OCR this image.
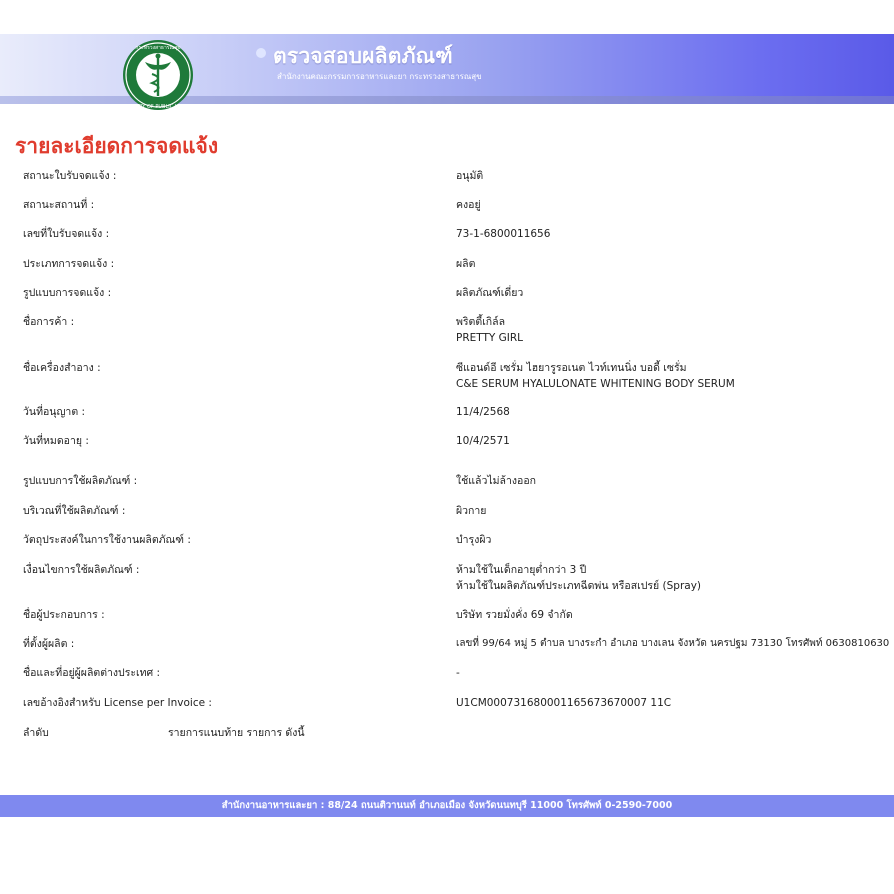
MINISTRY OF PUBLIC HEALTH
กระทรวงสาธารณสุข	ตรวจสอบผลิตภัณฑ์
สำนักงานคณะกรรมการอาหารและยา กระทรวงสาธารณสุข
รายละเอียดการจดแจ้ง
สถานะใบรับจดแจ้ง :	อนุมัติ
สถานะสถานที่ :	คงอยู่
เลขที่ใบรับจดแจ้ง :	73-1-6800011656
ประเภทการจดแจ้ง :	ผลิต
รูปแบบการจดแจ้ง :	ผลิตภัณฑ์เดี่ยว
ชื่อการค้า :	พริตตี้เกิล์ล
PRETTY GIRL
ชื่อเครื่องสำอาง :	ซีแอนด์อี เซรั่ม ไฮยารูรอเนต ไวท์เทนนิ่ง บอดี้ เซรั่ม
C&E SERUM HYALULONATE WHITENING BODY SERUM
วันที่อนุญาต :	11/4/2568
วันที่หมดอายุ :	10/4/2571
รูปแบบการใช้ผลิตภัณฑ์ :	ใช้แล้วไม่ล้างออก
บริเวณที่ใช้ผลิตภัณฑ์ :	ผิวกาย
วัตถุประสงค์ในการใช้งานผลิตภัณฑ์ :	บำรุงผิว
เงื่อนไขการใช้ผลิตภัณฑ์ :	ห้ามใช้ในเด็กอายุต่ำกว่า 3 ปี
ห้ามใช้ในผลิตภัณฑ์ประเภทฉีดพ่น หรือสเปรย์ (Spray)
ชื่อผู้ประกอบการ :	บริษัท รวยมั่งคั่ง 69 จำกัด
ที่ตั้งผู้ผลิต :	เลขที่ 99/64 หมู่ 5 ตำบล บางระกำ อำเภอ บางเลน จังหวัด นครปฐม 73130 โทรศัพท์ 0630810630
ชื่อและที่อยู่ผู้ผลิตต่างประเทศ :	-
เลขอ้างอิงสำหรับ License per Invoice :	U1CM000731680001165673670007 11C
ลำดับ	รายการแนบท้าย รายการ ดังนี้
สำนักงานอาหารและยา : 88/24 ถนนติวานนท์ อำเภอเมือง จังหวัดนนทบุรี 11000 โทรศัพท์ 0-2590-7000
